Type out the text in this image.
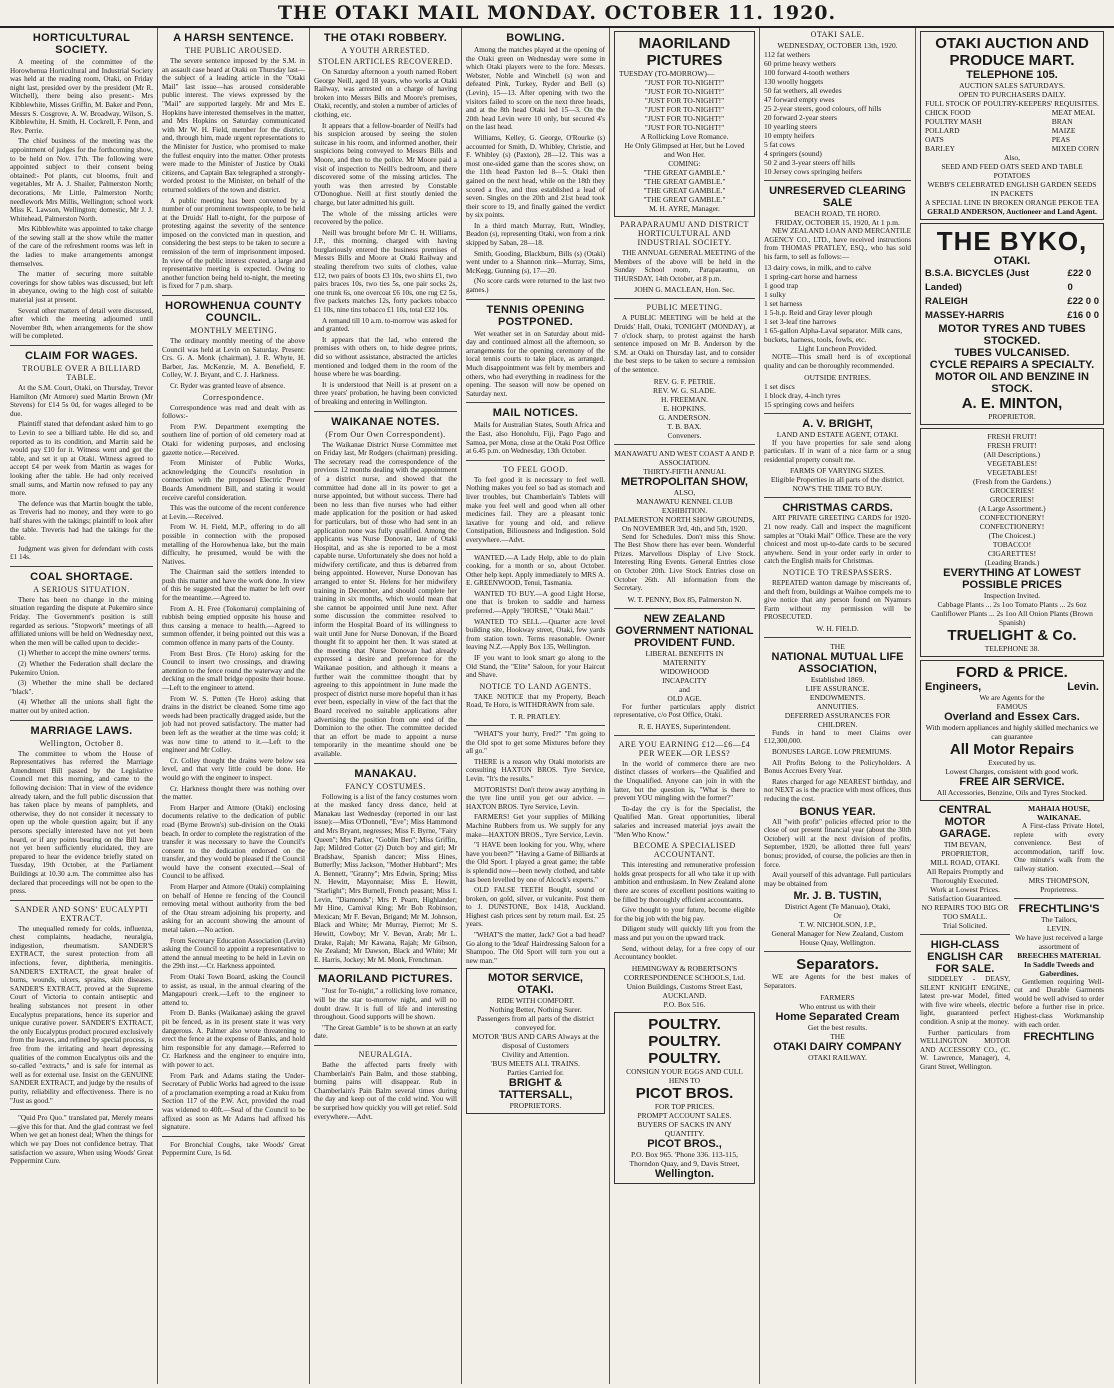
THE OTAKI MAIL MONDAY. OCTOBER 11. 1920.
HORTICULTURAL SOCIETY.

A meeting of the committee of the Horowhenua Horticultural and Industrial Society was held at the reading room, Otaki, on Friday night last, presided over by the president (Mr R. Witchell), there being also present:- Mrs Kibblewhite, Misses Griffin, M. Baker and Penn, Messrs S. Cosgrove, A. W. Broadway, Wilson, S. Kibblewhite, H. Smith, H. Cockrell, F. Penn, and Rev. Perrie.

The chief business of the meeting was the appointment of judges for the forthcoming show, to be held on Nov. 17th. The following were appointed subject to their consent being obtained:- Pot plants, cut blooms, fruit and vegetables, Mr A. J. Shailer, Palmerston North; decorations, Mr Little, Palmerston North; needlework Mrs Millis, Wellington; school work Miss K. Lawson, Wellington; domestic, Mr J. J. Whitehead, Palmerston North.

Mrs Kibblewhite was appointed to take charge of the sewing stall at the show while the matter of the care of the refreshment rooms was left in the ladies to make arrangements amongst themselves.

The matter of securing more suitable coverings for show tables was discussed, but left in abeyance, owing to the high cost of suitable material just at present.

Several other matters of detail were discussed, after which the meeting adjourned until November 8th, when arrangements for the show will be completed.

CLAIM FOR WAGES.
TROUBLE OVER A BILLIARD TABLE.

At the S.M. Court, Otaki, on Thursday, Trevor Hamilton (Mr Atmore) sued Martin Brown (Mr Stevens) for £14 5s 0d, for wages alleged to be due.

Plaintiff stated that defendant asked him to go to Levin to see a billiard table. He did so, and reported as to its condition, and Martin said he would pay £10 for it. Witness went and got the table, and set it up at Otaki. Witness agreed to accept £4 per week from Martin as wages for looking after the table. He had only received small sums, and Martin now refused to pay any more.

The defence was that Martin bought the table, as Treveris had no money, and they were to go half shares with the takings; plaintiff to look after the table. Treveris had had the takings for the table.

Judgment was given for defendant with costs £1 14s.

COAL SHORTAGE.
A SERIOUS SITUATION.

There has been no change in the mining situation regarding the dispute at Pukemiro since Friday. The Government's position is still regarded as serious. "Stopwork" meetings of all affiliated unions will be held on Wednesday next, when the men will be called upon to decide:-

(1) Whether to accept the mine owners' terms.

(2) Whether the Federation shall declare the Pukemiro Union.

(3) Whether the mine shall be declared "black".

(4) Whether all the unions shall fight the matter out by united action.

MARRIAGE LAWS.
Wellington, October 8.

The committee to whom the House of Representatives has referred the Marriage Amendment Bill passed by the Legislative Council met this morning, and came to the following decision: That in view of the evidence already taken, and the full public discussion that has taken place by means of pamphlets, and otherwise, they do not consider it necessary to open up the whole question again; but if any persons specially interested have not yet been heard, or if any points bearing on the Bill have not yet been sufficiently elucidated, they are prepared to hear the evidence briefly stated on Tuesday, 19th October, at the Parliament Buildings at 10.30 a.m. The committee also has declared that proceedings will not be open to the press.

SANDER AND SONS' EUCALYPTI EXTRACT.

The unequalled remedy for colds, influenza, chest complaints, headache, neuralgia, indigestion, rheumatism. SANDER'S EXTRACT, the surest protection from all infections, fever, diphtheria, meningitis. SANDER'S EXTRACT, the great healer of burns, wounds, ulcers, sprains, skin diseases. SANDER'S EXTRACT, proved at the Supreme Court of Victoria to contain antiseptic and healing substances not present in other Eucalyptus preparations, hence its superior and unique curative power. SANDER'S EXTRACT, the only Eucalyptus product procured exclusively from the leaves, and refined by special process, is free from the irritating and heart depressing qualities of the common Eucalyptus oils and the so-called "extracts," and is safe for internal as well as for external use. Insist on the GENUINE SANDER EXTRACT, and judge by the results of purity, reliability and effectiveness. There is no "Just as good."

"Quid Pro Quo." translated pat, Merely means—give this for that. And the glad contrast we feel When we get an honest deal; When the things for which we pay Does not confidence betray. That satisfaction we assure, When using Woods' Great Peppermint Cure.

A HARSH SENTENCE.
THE PUBLIC AROUSED.

The severe sentence imposed by the S.M. in an assault case heard at Otaki on Thursday last—the subject of a leading article in the "Otaki Mail" last issue—has aroused considerable public interest. The views expressed by the "Mail" are supported largely. Mr and Mrs E. Hopkins have interested themselves in the matter, and Mrs Hopkins on Saturday communicated with Mr W. H. Field, member for the district, and, through him, made urgent representations to the Minister for Justice, who promised to make the fullest enquiry into the matter. Other protests were made to the Minister of Justice by Otaki citizens, and Captain Bax telegraphed a strongly-worded protest to the Minister, on behalf of the returned soldiers of the town and district.

A public meeting has been convened by a number of our prominent townspeople, to be held at the Druids' Hall to-night, for the purpose of protesting against the severity of the sentence imposed on the convicted man in question, and considering the best steps to be taken to secure a remission of the term of imprisonment imposed. In view of the public interest created, a large and representative meeting is expected. Owing to another function being held to-night, the meeting is fixed for 7 p.m. sharp.

HOROWHENUA COUNTY COUNCIL.
MONTHLY MEETING.

The ordinary monthly meeting of the above Council was held at Levin on Saturday. Present: Crs. G. A. Monk (chairman), J. R. Whyte, H. Barber, Jas. McKenzie, M. A. Benefield, F. Colley, W. J. Bryant, and C. J. Harkness.

Cr. Ryder was granted leave of absence.

Correspondence.

Correspondence was read and dealt with as follows:-

From P.W. Department exempting the southern line of portion of old cemetery road at Otaki for widening purposes, and enclosing gazette notice.—Received.

From Minister of Public Works, acknowledging the Council's resolution in connection with the proposed Electric Power Boards Amendment Bill, and stating it would receive careful consideration.

This was the outcome of the recent conference at Levin.—Received.

From W. H. Field, M.P., offering to do all possible in connection with the proposed metalling of the Horowhenua lake, but the main difficulty, he presumed, would be with the Natives.

The Chairman said the settlers intended to push this matter and have the work done. In view of this he suggested that the matter be left over for the meantime.—Agreed to.

From A. H. Free (Tokomaru) complaining of rubbish being emptied opposite his house and thus causing a menace to health.—Agreed to summon offender, it being pointed out this was a common offence in many parts of the County.

From Best Bros. (Te Horo) asking for the Council to insert two crossings, and drawing attention to the fence round the waterway and the decking on the small bridge opposite their house.—Left to the engineer to attend.

From W. S. Putten (Te Horo) asking that drains in the district be cleaned. Some time ago weeds had been practically dragged aside, but the job had not proved satisfactory. The matter had been left as the weather at the time was cold; it was now time to attend to it.—Left to the engineer and Mr Colley.

Cr. Colley thought the drains were below sea level, and that very little could be done. He would go with the engineer to inspect.

Cr. Harkness thought there was nothing over the matter.

From Harper and Atmore (Otaki) enclosing documents relative to the dedication of public road (Byrne Brown's) sub-division on the Otaki beach. In order to complete the registration of the transfer it was necessary to have the Council's consent to the dedication endorsed on the transfer, and they would be pleased if the Council would have the consent executed.—Seal of Council to be affixed.

From Harper and Atmore (Otaki) complaining on behalf of Henne re fencing of the Council removing metal without authority from the bed of the Otau stream adjoining his property, and asking for an account showing the amount of metal taken.—No action.

From Secretary Education Association (Levin) asking the Council to appoint a representative to attend the annual meeting to be held in Levin on the 29th inst.—Cr. Harkness appointed.

From Otaki Town Board, asking the Council to assist, as usual, in the annual clearing of the Mangapouri creek.—Left to the engineer to attend to.

From D. Banks (Waikanae) asking the gravel pit be fenced, as in its present state it was very dangerous. A. Palmer also wrote threatening to erect the fence at the expense of Banks, and hold him responsible for any damage.—Referred to Cr. Harkness and the engineer to enquire into, with power to act.

From Park and Adams stating the Under-Secretary of Public Works had agreed to the issue of a proclamation exempting a road at Kuku from Section 117 of the P.W. Act, provided the road was widened to 40ft.—Seal of the Council to be affixed as soon as Mr Adams had affixed his signature.

For Bronchial Coughs, take Woods' Great Peppermint Cure, 1s 6d.

THE OTAKI ROBBERY.
A YOUTH ARRESTED.
STOLEN ARTICLES RECOVERED.

On Saturday afternoon a youth named Robert George Neill, aged 18 years, who works at Otaki Railway, was arrested on a charge of having broken into Messrs Bills and Moore's premises, Otaki, recently, and stolen a number of articles of clothing, etc.

It appears that a fellow-boarder of Neill's had his suspicion aroused by seeing the stolen suitcase in his room, and informed another, their suspicions being conveyed to Messrs Bills and Moore, and then to the police. Mr Moore paid a visit of inspection to Neill's bedroom, and there discovered some of the missing articles. The youth was then arrested by Constable O'Donoghue. Neill at first stoutly denied the charge, but later admitted his guilt.

The whole of the missing articles were recovered by the police.

Neill was brought before Mr C. H. Williams, J.P., this morning, charged with having burglariously entered the business premises of Messrs Bills and Moore at Otaki Railway and stealing therefrom two suits of clothes, value £12, two pairs of boots £3 10s, two shirts £1, two pairs braces 10s, two ties 5s, one pair socks 2s, one trunk 6s, one overcoat £6 10s, one rug £2 5s, five packets matches 12s, forty packets tobacco £1 10s, nine tins tobacco £1 10s, total £32 10s.

A remand till 10 a.m. to-morrow was asked for and granted.

It appears that the lad, who entered the premises with others on, to hide degree prints, did so without assistance, abstracted the articles mentioned and lodged them in the room of the house where he was boarding.

It is understood that Neill is at present on a three years' probation, he having been convicted of breaking and entering in Wellington.

WAIKANAE NOTES.
(From Our Own Correspondent).

The Waikanae District Nurse Committee met on Friday last, Mr Rodgers (chairman) presiding. The secretary read the correspondence of the previous 12 months dealing with the appointment of a district nurse, and showed that the committee had done all in its power to get a nurse appointed, but without success. There had been no less than five nurses who had either made application for the position or had asked for particulars, but of those who had sent in an application none was fully qualified. Among the applicants was Nurse Donovan, late of Otaki Hospital, and as she is reported to be a most capable nurse. Unfortunately she does not hold a midwifery certificate, and thus is debarred from being appointed. However, Nurse Donovan has arranged to enter St. Helens for her midwifery training in December, and should complete her training in six months, which would mean that she cannot be appointed until June next. After some discussion the committee resolved to inform the Hospital Board of its willingness to wait until June for Nurse Donovan, if the Board thought fit to appoint her then. It was stated at the meeting that Nurse Donovan had already expressed a desire and preference for the Waikanae position, and although it means a further wait the committee thought that by agreeing to this appointment in June made the prospect of district nurse more hopeful than it has ever been, especially in view of the fact that the Board received no suitable applications after advertising the position from one end of the Dominion to the other. The committee decided that an effort be made to appoint a nurse temporarily in the meantime should one be available.

MANAKAU.
FANCY COSTUMES.

Following is a list of the fancy costumes worn at the masked fancy dress dance, held at Manakau last Wednesday (reported in our last issue):—Miss O'Donnell, "Eve"; Miss Hammond and Mrs Bryant, negresses; Miss F. Byrne, "Fairy Queen"; Mrs Parker, "Goblin Ben"; Miss Griffin, Jap; Mildred Cotter (2) Dutch boy and girl; Mr Bradshaw, Spanish dancer; Miss Hines, Butterfly; Miss Jackson, "Mother Hubbard"; Mrs A. Bennett, "Granny"; Mrs Edwin, Spring; Miss N. Hewitt, Mayonnaise; Miss E. Hewitt, "Starlight"; Mrs Burnell, French peasant; Miss I. Levin, "Diamonds"; Mrs P. Pearn, Highlander; Mr Hine, Camival King; Mr Bob Robinson, Mexican; Mr F. Bevan, Brigand; Mr M. Johnson, Black and White; Mr Murray, Pierrot; Mr S. Hewitt, Cowboy; Mr V. Bevan, Arab; Mr L. Drake, Rajah; Mr Kawana, Rajah; Mr Gibson, Ne Zealand; Mr Dawson, Black and White; Mr E. Harris, Jockey; Mr M. Monk, Frenchman.

MAORILAND PICTURES.

"Just for To-night," a rollicking love romance, will be the star to-morrow night, and will no doubt draw. It is full of life and interesting throughout. Good supports will be shown.

"The Great Gamble" is to be shown at an early date.

NEURALGIA.

Bathe the affected parts freely with Chamberlain's Pain Balm, and those stabbing, burning pains will disappear. Rub in Chamberlain's Pain Balm several times during the day and keep out of the cold wind. You will be surprised how quickly you will get relief. Sold everywhere.—Advt.

BOWLING.

Among the matches played at the opening of the Otaki green on Wednesday were some in which Otaki players were to the fore. Messrs. Webster, Noble and Winchell (s) won and defeated Pink, Turkey, Ryder and Bell (s) (Levin), 15—13. After opening with two the visitors failed to score on the next three heads, and at the 8th head Otaki led 15—3. On the 20th head Levin were 10 only, but secured 4's on the last head.

Williams, Kelley, G. George, O'Rourke (s) accounted for Smith, D. Whibley, Christie, and F. Whibley (s) (Paxton), 28—12. This was a most one-sided game than the scores show, on the 11th head Paxton led 8—5. Otaki then gained on the next head, while on the 18th they scored a five, and thus established a lead of seven. Singles on the 20th and 21st head took their score to 19, and finally gained the verdict by six points.

In a third match Murray, Rutt, Windley, Beadon (s), representing Otaki, won from a rink skipped by Saban, 28—18.

Smith, Gooding, Blackburn, Bills (s) (Otaki) went under to a Shannon rink—Murray, Sims, McKegg, Gunning (s), 17—20.

(No score cards were returned to the last two games.)

TENNIS OPENING POSTPONED.

Wet weather set in on Saturday about mid-day and continued almost all the afternoon, so arrangements for the opening ceremony of the local tennis courts to take place, as arranged. Much disappointment was felt by members and others, who had everything in readiness for the opening. The season will now be opened on Saturday next.

MAIL NOTICES.

Mails for Australian States, South Africa and the East, also Honolulu, Fiji, Pago Pago and Samoa, per Mona, close at the Otaki Post Office at 6.45 p.m. on Wednesday, 13th October.

TO FEEL GOOD.

To feel good it is necessary to feel well. Nothing makes you feel so bad as stomach and liver troubles, but Chamberlain's Tablets will make you feel well and good when all other medicines fail. They are a pleasant tonic laxative for young and old, and relieve Constipation, Biliousness and Indigestion. Sold everywhere.—Advt.

WANTED.—A Lady Help, able to do plain cooking, for a month or so, about October. Other help kept. Apply immediately to MRS A. E. GREENWOOD, Tenui, Tasmania.

WANTED TO BUY.—A good Light Horse, one that is broken to saddle and harness preferred.—Apply "HORSE," "Otaki Mail."

WANTED TO SELL.—Quarter acre level building site, Hookway street, Otaki, few yards from station town. Terms reasonable. Owner leaving N.Z.—Apply Box 135, Wellington.

IF you want to look smart go along to the Old Stand, the "Elite" Saloon, for your Haircut and Shave.

NOTICE TO LAND AGENTS.

TAKE NOTICE that my Property, Beach Road, Te Horo, is WITHDRAWN from sale.

T. R. PRATLEY.

"WHAT'S your hurry, Fred?" "I'm going to the Old spot to get some Mixtures before they all go."

THERE is a reason why Otaki motorists are consulting HAXTON BROS. Tyre Service, Levin. "It's the results."

MOTORISTS! Don't throw away anything in the tyre line until you get our advice. — HAXTON BROS. Tyre Service, Levin.

FARMERS! Get your supplies of Milking Machine Rubbers from us. We supply for any make—HAXTON BROS., Tyre Service, Levin.

"I HAVE been looking for you. Why, where have you been?" "Having a Game of Billiards at the Old Sport. I played a great game; the table is splendid now—been newly clothed, and table has been levelled by one of Alcock's experts."

OLD FALSE TEETH Bought, sound or broken, on gold, silver, or vulcanite. Post them to J. DUNSTONE, Box 1418, Auckland. Highest cash prices sent by return mail. Est. 25 years.

"WHAT'S the matter, Jack? Got a bad head? Go along to the 'Ideal' Hairdressing Saloon for a Shampoo. The Old Sport will turn you out a new man."

MOTOR SERVICE, OTAKI.
RIDE WITH COMFORT.
Nothing Better, Nothing Surer.
Passengers from all parts of the district conveyed for.
MOTOR 'BUS AND CARS Always at the disposal of Customers
Civility and Attention.
'BUS MEETS ALL TRAINS.
Parties Carried for.
BRIGHT & TATTERSALL,
PROPRIETORS.
MAORILAND
PICTURES
TUESDAY (TO-MORROW)—
"JUST FOR TO-NIGHT!"
"JUST FOR TO-NIGHT!"
"JUST FOR TO-NIGHT!"
"JUST FOR TO-NIGHT!"
"JUST FOR TO-NIGHT!"
"JUST FOR TO-NIGHT!"
A Rollicking Love Romance.
He Only Glimpsed at Her, but he Loved and Won Her.
COMING:
"THE GREAT GAMBLE."
"THE GREAT GAMBLE."
"THE GREAT GAMBLE."
"THE GREAT GAMBLE."
M. H. AYRE, Manager.
PARAPARAUMU AND DISTRICT HORTICULTURAL AND INDUSTRIAL SOCIETY.

THE ANNUAL GENERAL MEETING of the Members of the above will be held in the Sunday School room, Paraparaumu, on THURSDAY, 14th October, at 8 p.m.

JOHN G. MACLEAN, Hon. Sec.
PUBLIC MEETING.

A PUBLIC MEETING will be held at the Druids' Hall, Otaki, TONIGHT (MONDAY), at 7 o'clock sharp, to protest against the harsh sentence imposed on Mr B. Anderson by the S.M. at Otaki on Thursday last, and to consider the best steps to be taken to secure a remission of the sentence.

REV. G. F. PETRIE.
REV. W. G. SLADE.
H. FREEMAN.
E. HOPKINS.
G. ANDERSON.
T. B. BAX.
Conveners.
MANAWATU AND WEST COAST A AND P. ASSOCIATION.
THIRTY-FIFTH ANNUAL
METROPOLITAN SHOW,
ALSO,
MANAWATU KENNEL CLUB EXHIBITION.
PALMERSTON NORTH SHOW GROUNDS,
On NOVEMBER 3rd, 4th, and 5th, 1920.

Send for Schedules. Don't miss this Show. The Best Show there has ever been. Wonderful Prizes. Marvellous Display of Live Stock. Interesting Ring Events. General Entries close on October 20th. Live Stock Entries close on October 26th. All information from the Secretary.

W. T. PENNY, Box 85, Palmerston N.
NEW ZEALAND GOVERNMENT NATIONAL PROVIDENT FUND.
LIBERAL BENEFITS IN
MATERNITY
WIDOWHOOD
INCAPACITY
and
OLD AGE.

For further particulars apply district representative, c/o Post Office, Otaki.

R. E. HAYES, Superintendent.
ARE YOU EARNING £12—£6—£4 PER WEEK—OR LESS?

In the world of commerce there are two distinct classes of workers—the Qualified and the Unqualified. Anyone can join in with the latter, but the question is, "What is there to prevent YOU mingling with the former?"

To-day the cry is for the Specialist, the Qualified Man. Great opportunities, liberal salaries and increased material joys await the "Men Who Know."

BECOME A SPECIALISED ACCOUNTANT.

This interesting and remunerative profession holds great prospects for all who take it up with ambition and enthusiasm. In New Zealand alone there are scores of excellent positions waiting to be filled by thoroughly efficient accountants.

Give thought to your future, become eligible for the big job with the big pay.

Diligent study will quickly lift you from the mass and put you on the upward track.

Send, without delay, for a free copy of our Accountancy booklet.

HEMINGWAY & ROBERTSON'S CORRESPONDENCE SCHOOLS, Ltd.
Union Buildings, Customs Street East, AUCKLAND.
P.O. Box 516.
POULTRY. POULTRY. POULTRY.
CONSIGN YOUR EGGS AND CULL HENS TO
PICOT BROS.
FOR TOP PRICES.
PROMPT ACCOUNT SALES.
BUYERS OF SACKS IN ANY QUANTITY.
PICOT BROS.,
P.O. Box 965. 'Phone 336. 113-115, Thorndon Quay, and 9, Davis Street,
Wellington.
OTAKI SALE.
WEDNESDAY, OCTOBER 13th, 1920.
112 fat wethers
60 prime heavy wethers
100 forward 4-tooth wethers
130 woolly hoggets
50 fat wethers, all ewedes
47 forward empty ewes
25 2-year steers, good colours, off hills
20 forward 2-year steers
10 yearling steers
10 empty heifers
5 fat cows
4 springers (sound)
50 2 and 3-year steers off hills
10 Jersey cows springing heifers
UNRESERVED CLEARING SALE
BEACH ROAD, TE HORO.
FRIDAY, OCTOBER 15, 1920, At 1 p.m.

NEW ZEALAND LOAN AND MERCANTILE AGENCY CO., LTD., have received instructions from THOMAS PRATLEY, ESQ., who has sold his farm, to sell as follows:—

13 dairy cows, in milk, and to calve
1 spring-cart horse and harness
1 good trap
1 sulky
1 set harness
1 5-h.p. Reid and Gray lever plough
1 set 3-leaf tine harrows
1 65-gallon Alpha-Laval separator. Milk cans, buckets, harness, tools, fowls, etc.
Light Luncheon Provided.

NOTE—This small herd is of exceptional quality and can be thoroughly recommended.

OUTSIDE ENTRIES.
1 set discs
1 block dray, 4-inch tyres
15 springing cows and heifers
A. V. BRIGHT,
LAND AND ESTATE AGENT, OTAKI.

If you have properties for sale send along particulars. If in want of a nice farm or a snug residential property consult me.

FARMS OF VARYING SIZES.
Eligible Properties in all parts of the district.
NOW'S THE TIME TO BUY.
CHRISTMAS CARDS.

ART PRIVATE GREETING CARDS for 1920-21 now ready. Call and inspect the magnificent samples at "Otaki Mail" Office. These are the very choicest and most up-to-date cards to be secured anywhere. Send in your order early in order to catch the English mails for Christmas.

NOTICE TO TRESPASSERS.

REPEATED wanton damage by miscreants of, and theft from, buildings at Waihoe compels me to give notice that any person found on Nyamurs Farm without my permission will be PROSECUTED.

W. H. FIELD.
THE
NATIONAL MUTUAL LIFE ASSOCIATION,
Established 1869.
LIFE ASSURANCE.
ENDOWMENTS.
ANNUITIES.
DEFERRED ASSURANCES FOR CHILDREN.

Funds in hand to meet Claims over £12,300,000.

BONUSES LARGE. LOW PREMIUMS.

All Profits Belong to the Policyholders. A Bonus Accrues Every Year.

Rates charged for age NEAREST birthday, and not NEXT as is the practice with most offices, thus reducing the cost.

BONUS YEAR.

All "with profit" policies effected prior to the close of our present financial year (about the 30th October) will at the next division of profits, September, 1920, be allotted three full years' bonus; provided, of course, the policies are then in force.

Avail yourself of this advantage. Full particulars may be obtained from

Mr. J. B. TUSTIN,
District Agent (Te Manuao), Otaki,
Or
T. W. NICHOLSON, J.P.,
General Manager for New Zealand, Custom House Quay, Wellington.
Separators.

WE are Agents for the best makes of Separators.

FARMERS
Who entrust us with their
Home Separated Cream
Get the best results.
THE
OTAKI DAIRY COMPANY
OTAKI RAILWAY.
OTAKI AUCTION AND PRODUCE MART.
TELEPHONE 105.
AUCTION SALES SATURDAYS.
OPEN TO PURCHASERS DAILY.
FULL STOCK OF POULTRY-KEEPERS' REQUISITES.
CHICK FOOD
POULTRY MASH
POLLARD
OATS
BARLEY
MEAT MEAL
BRAN
MAIZE
PEAS
MIXED CORN
Also,
SEED AND FEED OATS SEED AND TABLE POTATOES
WEBB'S CELEBRATED ENGLISH GARDEN SEEDS IN PACKETS
A SPECIAL LINE IN BROKEN ORANGE PEKOE TEA
GERALD ANDERSON, Auctioneer and Land Agent.
THE BYKO,
OTAKI.
B.S.A. BICYCLES (Just Landed)
£22 0 0
RALEIGH	£22 0 0
MASSEY-HARRIS	£16 0 0
MOTOR TYRES AND TUBES STOCKED.
TUBES VULCANISED.
CYCLE REPAIRS A SPECIALTY.
MOTOR OIL AND BENZINE IN STOCK.
A. E. MINTON,
PROPRIETOR.
FRESH FRUIT!
FRESH FRUIT!
(All Descriptions.)
VEGETABLES!
VEGETABLES!
(Fresh from the Gardens.)
GROCERIES!
GROCERIES!
(A Large Assortment.)
CONFECTIONERY!
CONFECTIONERY!
(The Choicest.)
TOBACCO!
CIGARETTES!
(Leading Brands.)
EVERYTHING AT LOWEST POSSIBLE PRICES
Inspection Invited.
Cabbage Plants ... 2s 1oo Tomato Plants ... 2s 6oz
Cauliflower Plants ... 2s 1oo All Onion Plants (Brown Spanish)
TRUELIGHT & Co.
TELEPHONE 38.
FORD & PRICE.
Engineers,	Levin.
We are Agents for the
FAMOUS
Overland and Essex Cars.
With modern appliances and highly skilled mechanics we can guarantee
All Motor Repairs
Executed by us.
Lowest Charges, consistent with good work.
FREE AIR SERVICE.
All Accessories, Benzine, Oils and Tyres Stocked.
CENTRAL MOTOR GARAGE.
TIM BEVAN,
PROPRIETOR,
MILL ROAD, OTAKI.
All Repairs Promptly and Thoroughly Executed.
Work at Lowest Prices.
Satisfaction Guaranteed.
NO REPAIRS TOO BIG OR TOO SMALL.
Trial Solicited.
HIGH-CLASS ENGLISH CAR FOR SALE.

SIDDELEY - DEASY, SILENT KNIGHT ENGINE, latest pre-war Model, fitted with five wire wheels, electric light, guaranteed perfect condition. A snip at the money.

Further particulars from WELLINGTON MOTOR AND ACCESSORY CO., (C. W. Lawrence, Manager), 4, Grant Street, Wellington.

MAHAIA HOUSE, WAIKANAE.

A First-class Private Hotel, replete with every convenience. Best of accommodation, tariff low. One minute's walk from the railway station.

MRS THOMPSON, Proprietress.
FRECHTLING'S
The Tailors,
LEVIN.
We have just received a large assortment of
BREECHES MATERIAL In Saddle Tweeds and Gaberdines.

Gentlemen requiring Well-cut and Durable Garments would be well advised to order before a further rise in price. Highest-class Workmanship with each order.

FRECHTLING
